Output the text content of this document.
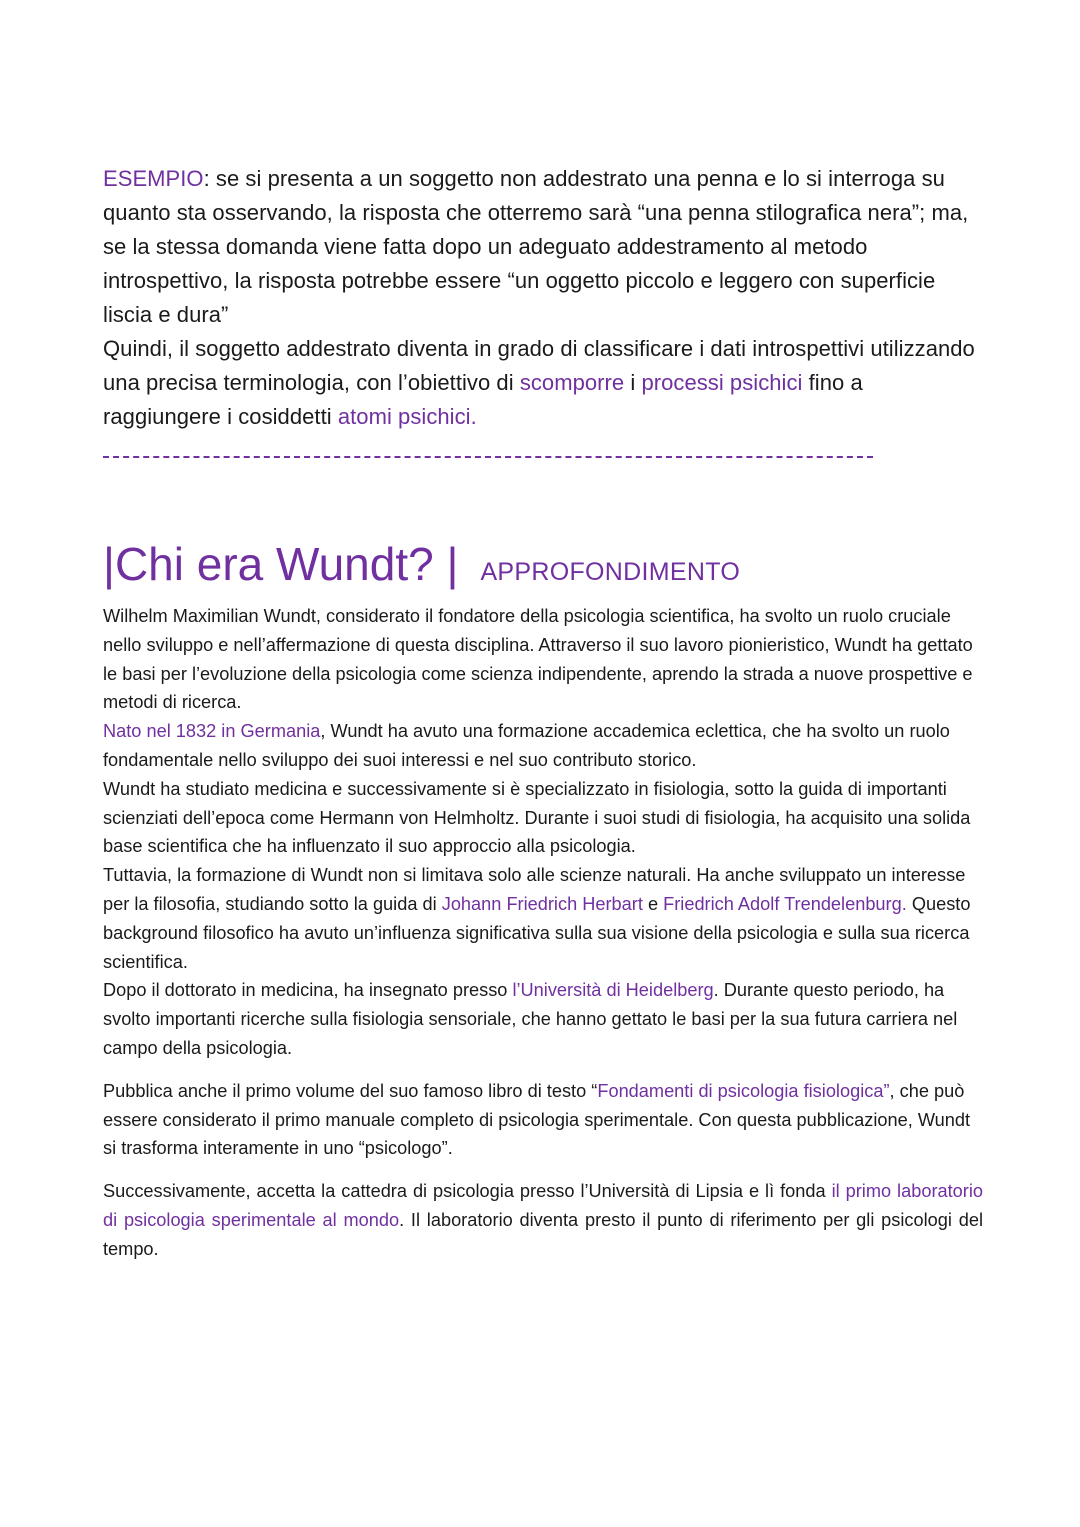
ESEMPIO: se si presenta a un soggetto non addestrato una penna e lo si interroga su quanto sta osservando, la risposta che otterremo sarà “una penna stilografica nera”; ma, se la stessa domanda viene fatta dopo un adeguato addestramento al metodo introspettivo, la risposta potrebbe essere “un oggetto piccolo e leggero con superficie liscia e dura”

Quindi, il soggetto addestrato diventa in grado di classificare i dati introspettivi utilizzando una precisa terminologia, con l’obiettivo di scomporre i processi psichici fino a raggiungere i cosiddetti atomi psichici.

|Chi era Wundt? | APPROFONDIMENTO

Wilhelm Maximilian Wundt, considerato il fondatore della psicologia scientifica, ha svolto un ruolo cruciale nello sviluppo e nell’affermazione di questa disciplina. Attraverso il suo lavoro pionieristico, Wundt ha gettato le basi per l’evoluzione della psicologia come scienza indipendente, aprendo la strada a nuove prospettive e metodi di ricerca.

Nato nel 1832 in Germania, Wundt ha avuto una formazione accademica eclettica, che ha svolto un ruolo fondamentale nello sviluppo dei suoi interessi e nel suo contributo storico.

Wundt ha studiato medicina e successivamente si è specializzato in fisiologia, sotto la guida di importanti scienziati dell’epoca come Hermann von Helmholtz. Durante i suoi studi di fisiologia, ha acquisito una solida base scientifica che ha influenzato il suo approccio alla psicologia.

Tuttavia, la formazione di Wundt non si limitava solo alle scienze naturali. Ha anche sviluppato un interesse per la filosofia, studiando sotto la guida di Johann Friedrich Herbart e Friedrich Adolf Trendelenburg. Questo background filosofico ha avuto un’influenza significativa sulla sua visione della psicologia e sulla sua ricerca scientifica.

Dopo il dottorato in medicina, ha insegnato presso l’Università di Heidelberg. Durante questo periodo, ha svolto importanti ricerche sulla fisiologia sensoriale, che hanno gettato le basi per la sua futura carriera nel campo della psicologia.

Pubblica anche il primo volume del suo famoso libro di testo “Fondamenti di psicologia fisiologica”, che può essere considerato il primo manuale completo di psicologia sperimentale. Con questa pubblicazione, Wundt si trasforma interamente in uno “psicologo”.

Successivamente, accetta la cattedra di psicologia presso l’Università di Lipsia e lì fonda il primo laboratorio di psicologia sperimentale al mondo. Il laboratorio diventa presto il punto di riferimento per gli psicologi del tempo.
